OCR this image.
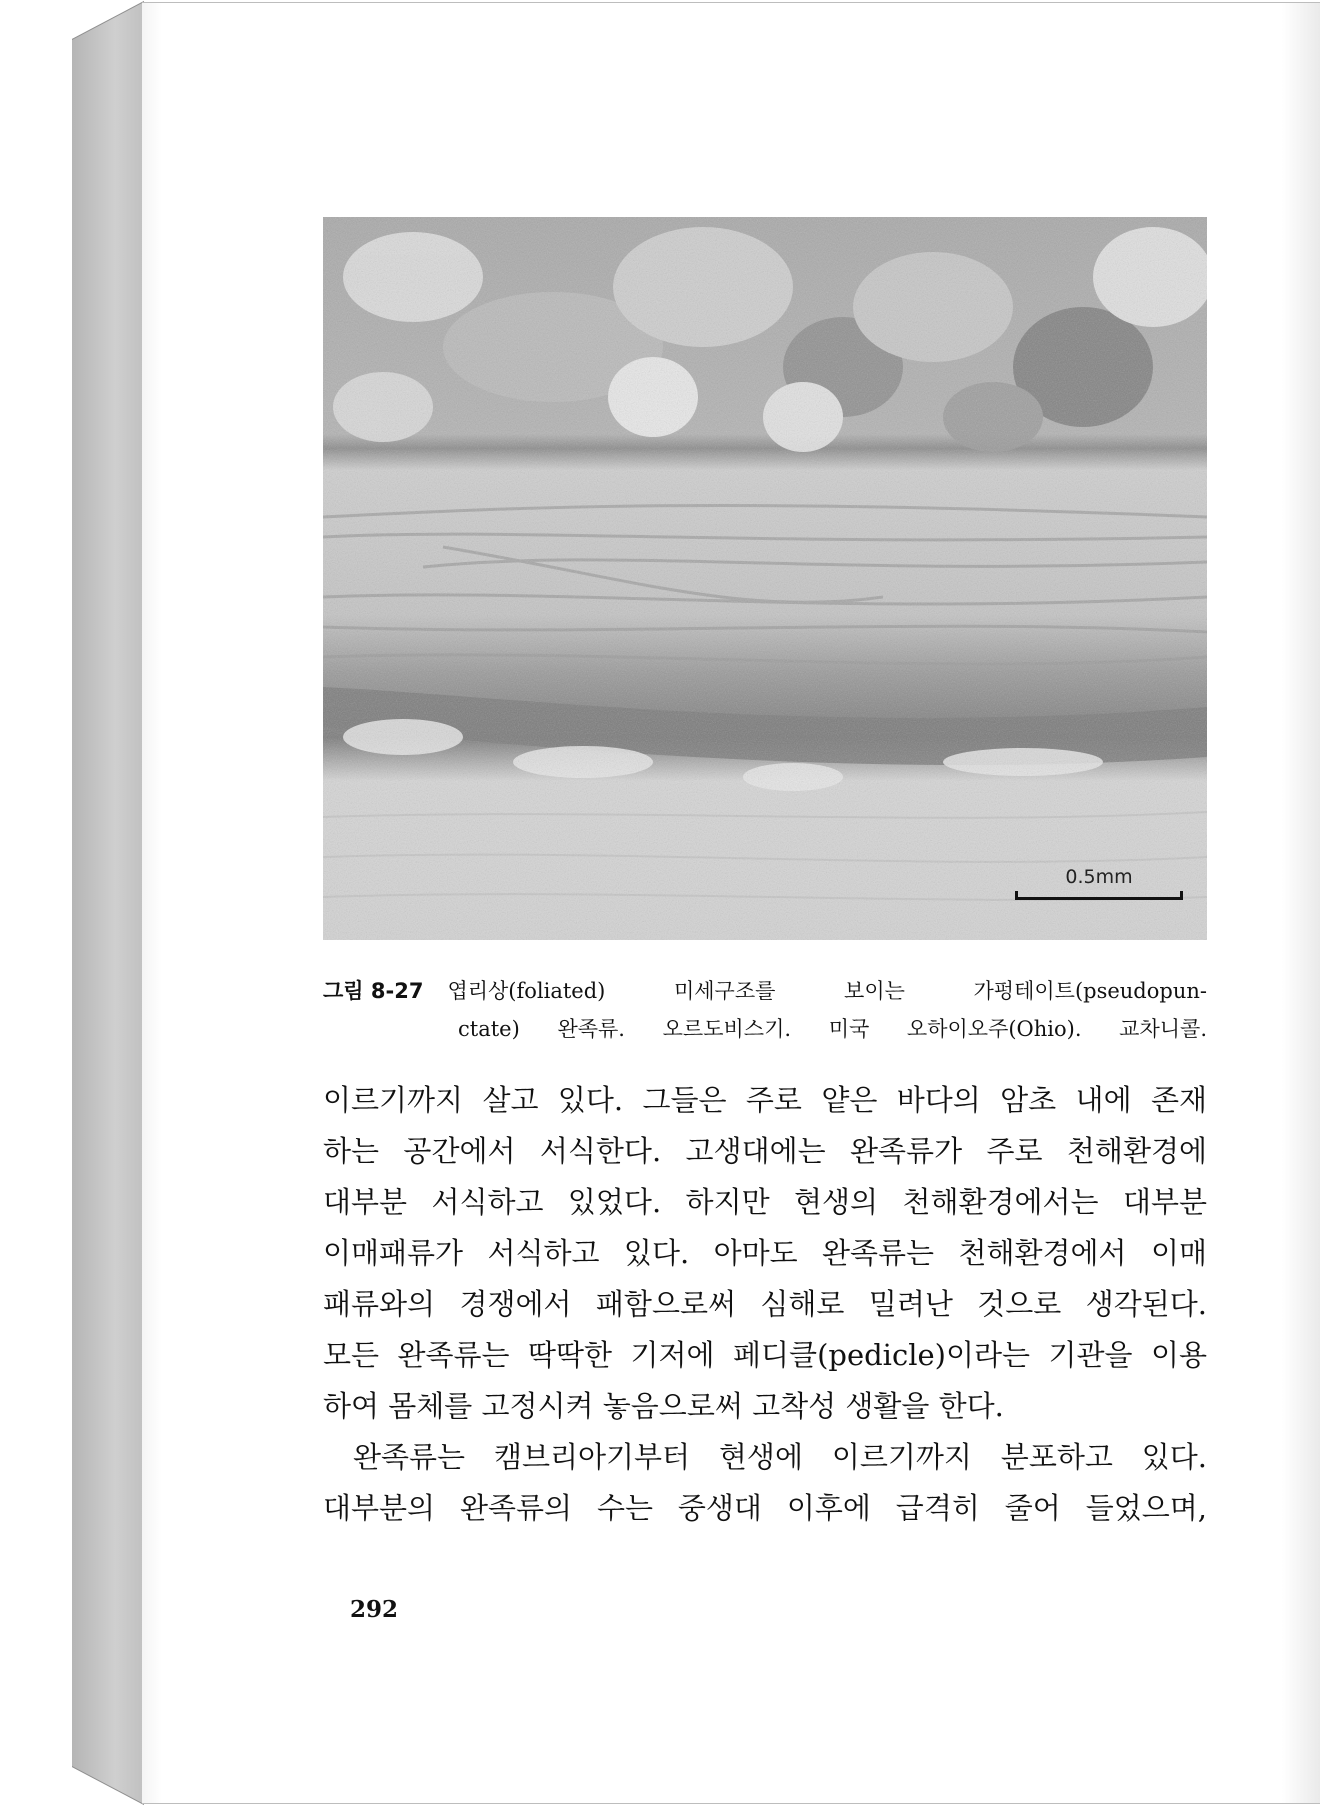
0.5mm
그림 8-27 엽리상(foliated) 미세구조를 보이는 가펑테이트(pseudopun-
ctate) 완족류. 오르도비스기. 미국 오하이오주(Ohio). 교차니콜.
이르기까지 살고 있다. 그들은 주로 얕은 바다의 암초 내에 존재
하는 공간에서 서식한다. 고생대에는 완족류가 주로 천해환경에
대부분 서식하고 있었다. 하지만 현생의 천해환경에서는 대부분
이매패류가 서식하고 있다. 아마도 완족류는 천해환경에서 이매
패류와의 경쟁에서 패함으로써 심해로 밀려난 것으로 생각된다.
모든 완족류는 딱딱한 기저에 페디클(pedicle)이라는 기관을 이용
하여 몸체를 고정시켜 놓음으로써 고착성 생활을 한다.
완족류는 캠브리아기부터 현생에 이르기까지 분포하고 있다.
대부분의 완족류의 수는 중생대 이후에 급격히 줄어 들었으며,
292
